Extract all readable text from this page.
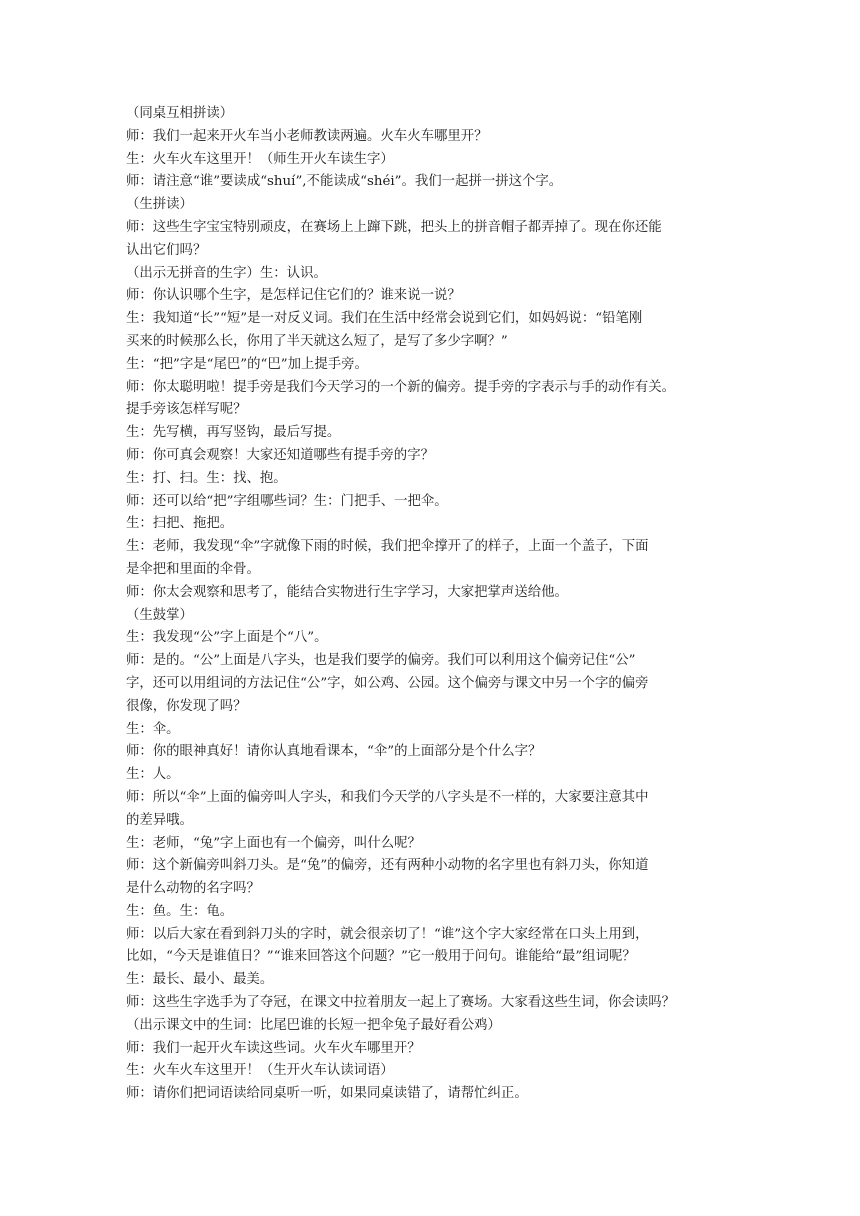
（同桌互相拼读）
师：我们一起来开火车当小老师教读两遍。火车火车哪里开？
生：火车火车这里开！（师生开火车读生字）
师：请注意“谁”要读成“shuí”,不能读成“shéi”。我们一起拼一拼这个字。
（生拼读）
师：这些生字宝宝特别顽皮，在赛场上上蹿下跳，把头上的拼音帽子都弄掉了。现在你还能
认出它们吗？
（出示无拼音的生字）生：认识。
师：你认识哪个生字，是怎样记住它们的？谁来说一说？
生：我知道“长”“短”是一对反义词。我们在生活中经常会说到它们，如妈妈说：“铅笔刚
买来的时候那么长，你用了半天就这么短了，是写了多少字啊？”
生：“把”字是“尾巴”的“巴”加上提手旁。
师：你太聪明啦！提手旁是我们今天学习的一个新的偏旁。提手旁的字表示与手的动作有关。
提手旁该怎样写呢？
生：先写横，再写竖钩，最后写提。
师：你可真会观察！大家还知道哪些有提手旁的字？
生：打、扫。生：找、抱。
师：还可以给“把”字组哪些词？生：门把手、一把伞。
生：扫把、拖把。
生：老师，我发现“伞”字就像下雨的时候，我们把伞撑开了的样子，上面一个盖子，下面
是伞把和里面的伞骨。
师：你太会观察和思考了，能结合实物进行生字学习，大家把掌声送给他。
（生鼓掌）
生：我发现“公”字上面是个“八”。
师：是的。“公”上面是八字头，也是我们要学的偏旁。我们可以利用这个偏旁记住“公”
字，还可以用组词的方法记住“公”字，如公鸡、公园。这个偏旁与课文中另一个字的偏旁
很像，你发现了吗？
生：伞。
师：你的眼神真好！请你认真地看课本，“伞”的上面部分是个什么字？
生：人。
师：所以“伞”上面的偏旁叫人字头，和我们今天学的八字头是不一样的，大家要注意其中
的差异哦。
生：老师，“兔”字上面也有一个偏旁，叫什么呢？
师：这个新偏旁叫斜刀头。是“兔”的偏旁，还有两种小动物的名字里也有斜刀头，你知道
是什么动物的名字吗？
生：鱼。生：龟。
师：以后大家在看到斜刀头的字时，就会很亲切了！“谁”这个字大家经常在口头上用到，
比如，“今天是谁值日？”“谁来回答这个问题？”它一般用于问句。谁能给“最”组词呢？
生：最长、最小、最美。
师：这些生字选手为了夺冠，在课文中拉着朋友一起上了赛场。大家看这些生词，你会读吗？
（出示课文中的生词：比尾巴谁的长短一把伞兔子最好看公鸡）
师：我们一起开火车读这些词。火车火车哪里开？
生：火车火车这里开！（生开火车认读词语）
师：请你们把词语读给同桌听一听，如果同桌读错了，请帮忙纠正。
